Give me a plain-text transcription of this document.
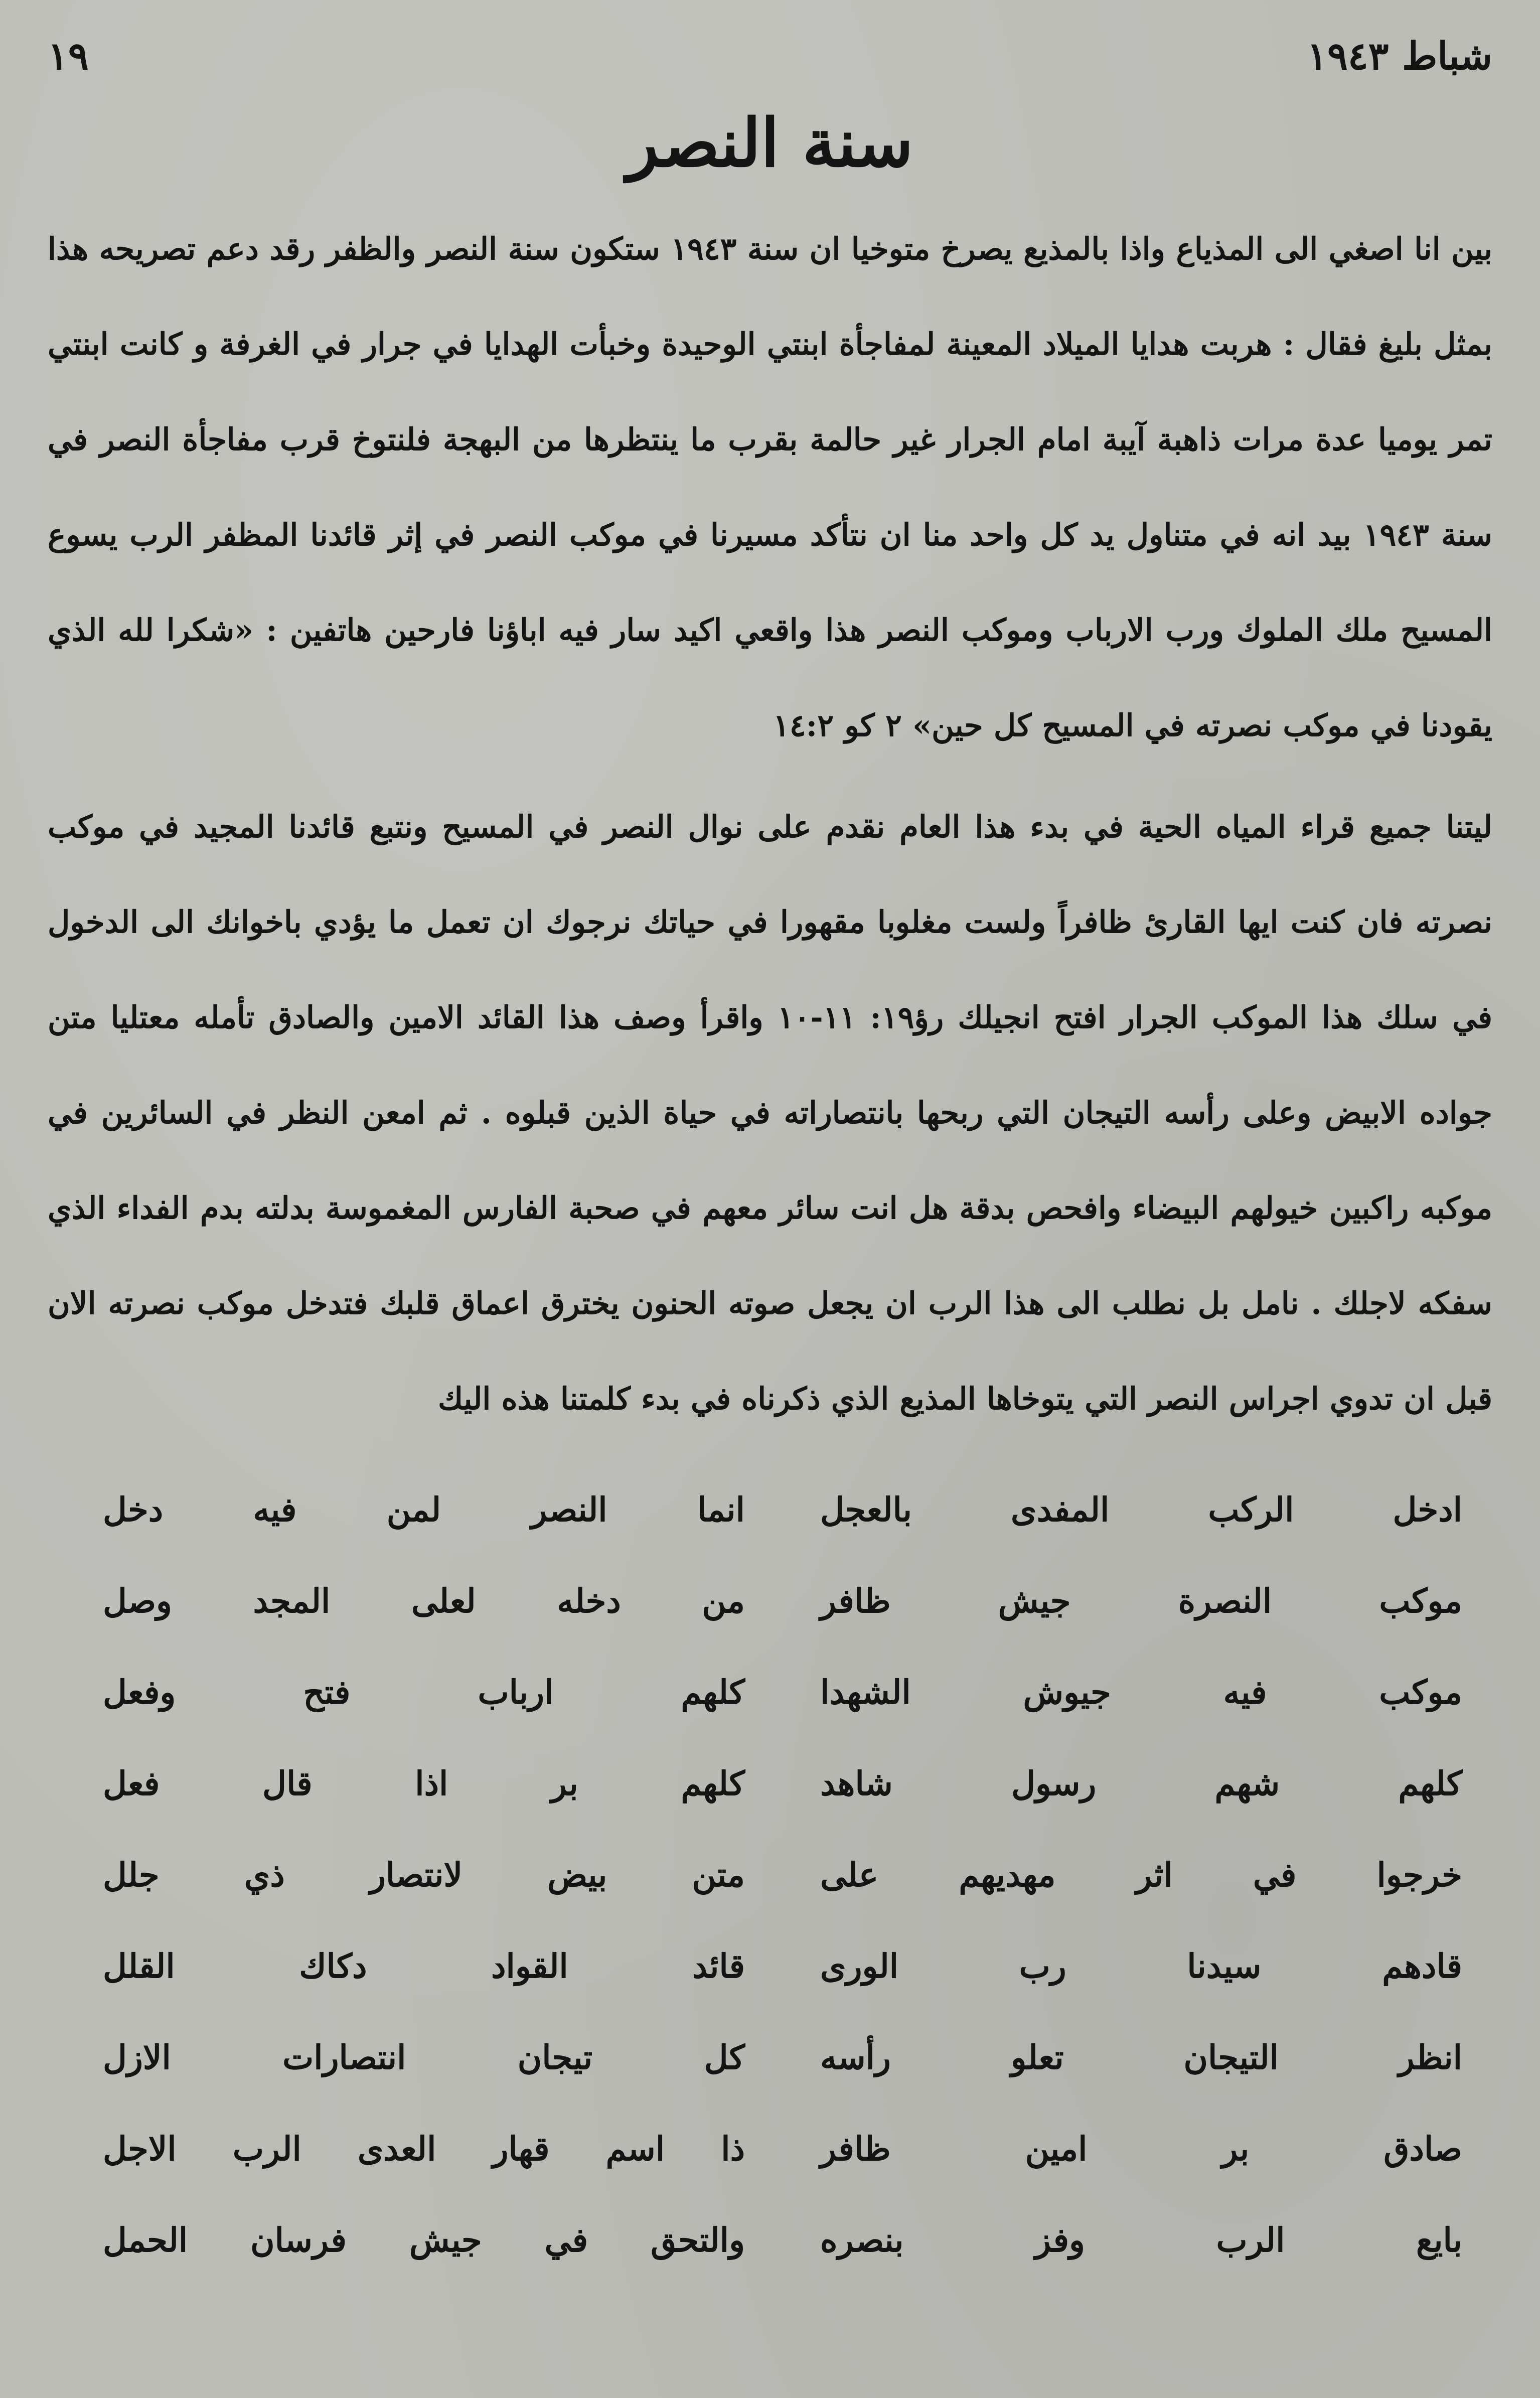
شباط ١٩٤٣
١٩
سنة النصر

بين انا اصغي الى المذياع واذا بالمذيع يصرخ متوخيا ان سنة ١٩٤٣ ستكون سنة النصر والظفر رقد دعم تصريحه هذا بمثل بليغ فقال : هربت هدايا الميلاد المعينة لمفاجأة ابنتي الوحيدة وخبأت الهدايا في جرار في الغرفة و كانت ابنتي تمر يوميا عدة مرات ذاهبة آيبة امام الجرار غير حالمة بقرب ما ينتظرها من البهجة فلنتوخ قرب مفاجأة النصر في سنة ١٩٤٣ بيد انه في متناول يد كل واحد منا ان نتأكد مسيرنا في موكب النصر في إثر قائدنا المظفر الرب يسوع المسيح ملك الملوك ورب الارباب وموكب النصر هذا واقعي اكيد سار فيه اباؤنا فارحين هاتفين : «شكرا لله الذي يقودنا في موكب نصرته في المسيح كل حين» ٢ كو ١٤:٢

ليتنا جميع قراء المياه الحية في بدء هذا العام نقدم على نوال النصر في المسيح ونتبع قائدنا المجيد في موكب نصرته فان كنت ايها القارئ ظافراً ولست مغلوبا مقهورا في حياتك نرجوك ان تعمل ما يؤدي باخوانك الى الدخول في سلك هذا الموكب الجرار افتح انجيلك رؤ١٩: ١١-١٠ واقرأ وصف هذا القائد الامين والصادق تأمله معتليا متن جواده الابيض وعلى رأسه التيجان التي ربحها بانتصاراته في حياة الذين قبلوه . ثم امعن النظر في السائرين في موكبه راكبين خيولهم البيضاء وافحص بدقة هل انت سائر معهم في صحبة الفارس المغموسة بدلته بدم الفداء الذي سفكه لاجلك . نامل بل نطلب الى هذا الرب ان يجعل صوته الحنون يخترق اعماق قلبك فتدخل موكب نصرته الان قبل ان تدوي اجراس النصر التي يتوخاها المذيع الذي ذكرناه في بدء كلمتنا هذه اليك

ادخل الركب المفدى بالعجل
انما النصر لمن فيه دخل
موكب النصرة جيش ظافر
من دخله لعلى المجد وصل
موكب فيه جيوش الشهدا
كلهم ارباب فتح وفعل
كلهم شهم رسول شاهد
كلهم بر اذا قال فعل
خرجوا في اثر مهديهم على
متن بيض لانتصار ذي جلل
قادهم سيدنا رب الورى
قائد القواد دكاك القلل
انظر التيجان تعلو رأسه
كل تيجان انتصارات الازل
صادق بر امين ظافر
ذا اسم قهار العدى الرب الاجل
بايع الرب وفز بنصره
والتحق في جيش فرسان الحمل
